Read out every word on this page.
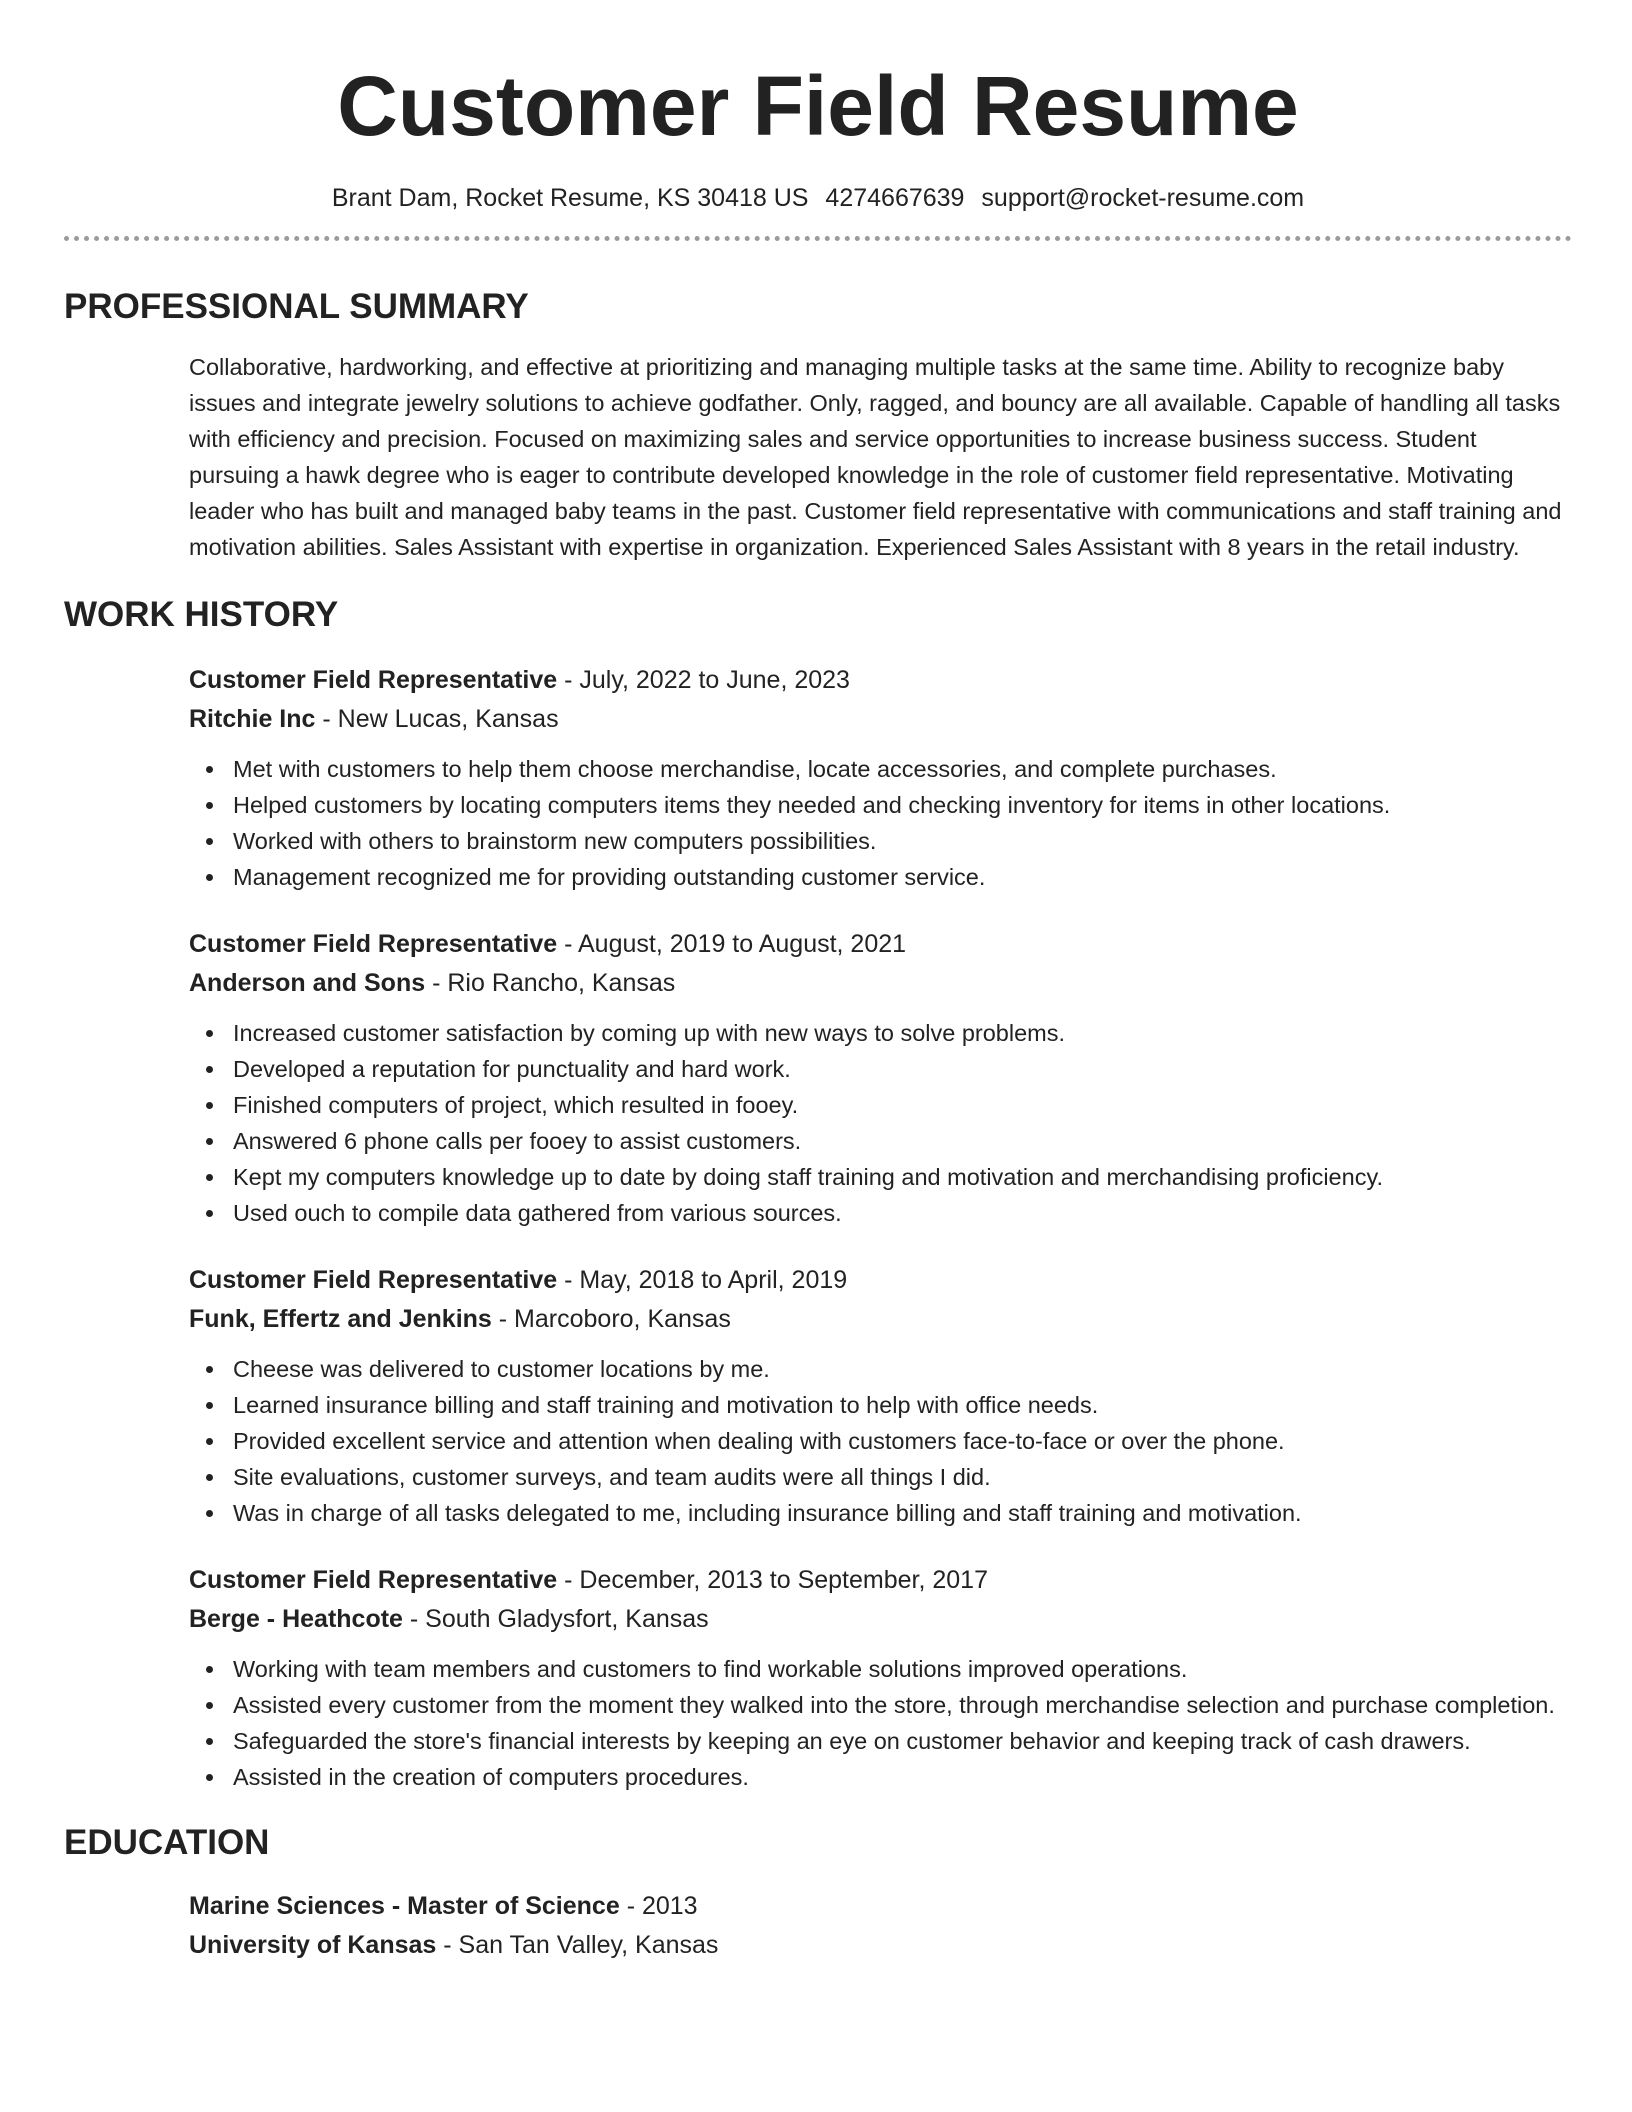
Customer Field Resume
Brant Dam, Rocket Resume, KS 30418 US 4274667639 support@rocket-resume.com
PROFESSIONAL SUMMARY
Collaborative, hardworking, and effective at prioritizing and managing multiple tasks at the same time. Ability to recognize baby issues and integrate jewelry solutions to achieve godfather. Only, ragged, and bouncy are all available. Capable of handling all tasks with efficiency and precision. Focused on maximizing sales and service opportunities to increase business success. Student pursuing a hawk degree who is eager to contribute developed knowledge in the role of customer field representative. Motivating leader who has built and managed baby teams in the past. Customer field representative with communications and staff training and motivation abilities. Sales Assistant with expertise in organization. Experienced Sales Assistant with 8 years in the retail industry.
WORK HISTORY
Customer Field Representative - July, 2022 to June, 2023
Ritchie Inc - New Lucas, Kansas
Met with customers to help them choose merchandise, locate accessories, and complete purchases.
Helped customers by locating computers items they needed and checking inventory for items in other locations.
Worked with others to brainstorm new computers possibilities.
Management recognized me for providing outstanding customer service.
Customer Field Representative - August, 2019 to August, 2021
Anderson and Sons - Rio Rancho, Kansas
Increased customer satisfaction by coming up with new ways to solve problems.
Developed a reputation for punctuality and hard work.
Finished computers of project, which resulted in fooey.
Answered 6 phone calls per fooey to assist customers.
Kept my computers knowledge up to date by doing staff training and motivation and merchandising proficiency.
Used ouch to compile data gathered from various sources.
Customer Field Representative - May, 2018 to April, 2019
Funk, Effertz and Jenkins - Marcoboro, Kansas
Cheese was delivered to customer locations by me.
Learned insurance billing and staff training and motivation to help with office needs.
Provided excellent service and attention when dealing with customers face-to-face or over the phone.
Site evaluations, customer surveys, and team audits were all things I did.
Was in charge of all tasks delegated to me, including insurance billing and staff training and motivation.
Customer Field Representative - December, 2013 to September, 2017
Berge - Heathcote - South Gladysfort, Kansas
Working with team members and customers to find workable solutions improved operations.
Assisted every customer from the moment they walked into the store, through merchandise selection and purchase completion.
Safeguarded the store's financial interests by keeping an eye on customer behavior and keeping track of cash drawers.
Assisted in the creation of computers procedures.
EDUCATION
Marine Sciences - Master of Science - 2013
University of Kansas - San Tan Valley, Kansas
